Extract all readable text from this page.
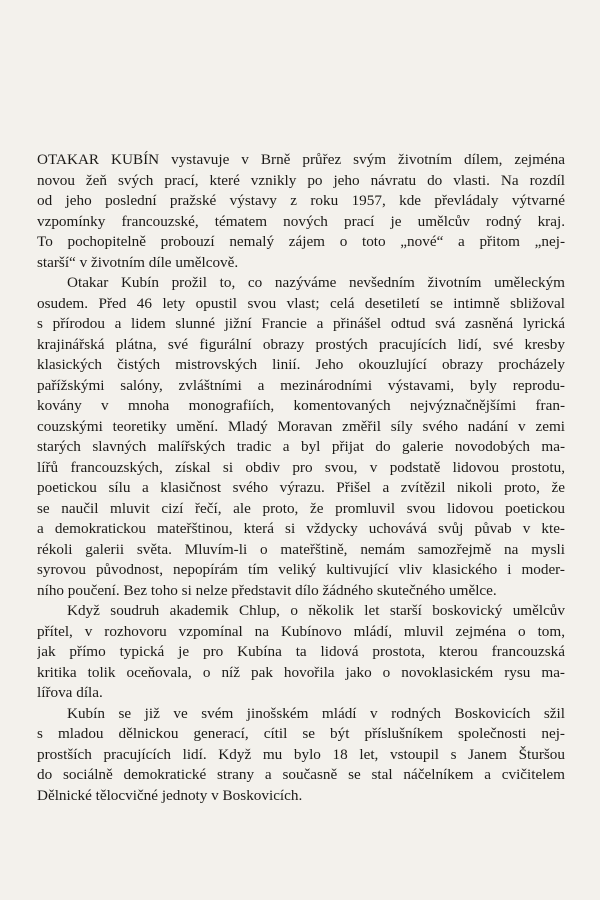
OTAKAR KUBÍN vystavuje v Brně průřez svým životním dílem, zejména
novou žeň svých prací, které vznikly po jeho návratu do vlasti. Na rozdíl
od jeho poslední pražské výstavy z roku 1957, kde převládaly výtvarné
vzpomínky francouzské, tématem nových prací je umělcův rodný kraj.
To pochopitelně probouzí nemalý zájem o toto „nové“ a přitom „nej-
starší“ v životním díle umělcově.
Otakar Kubín prožil to, co nazýváme nevšedním životním uměleckým
osudem. Před 46 lety opustil svou vlast; celá desetiletí se intimně sbližoval
s přírodou a lidem slunné jižní Francie a přinášel odtud svá zasněná lyrická
krajinářská plátna, své figurální obrazy prostých pracujících lidí, své kresby
klasických čistých mistrovských linií. Jeho okouzlující obrazy procházely
pařížskými salóny, zvláštními a mezinárodními výstavami, byly reprodu-
kovány v mnoha monografiích, komentovaných nejvýznačnějšími fran-
couzskými teoretiky umění. Mladý Moravan změřil síly svého nadání v zemi
starých slavných malířských tradic a byl přijat do galerie novodobých ma-
lířů francouzských, získal si obdiv pro svou, v podstatě lidovou prostotu,
poetickou sílu a klasičnost svého výrazu. Přišel a zvítězil nikoli proto, že
se naučil mluvit cizí řečí, ale proto, že promluvil svou lidovou poetickou
a demokratickou mateřštinou, která si vždycky uchovává svůj půvab v kte-
rékoli galerii světa. Mluvím-li o mateřštině, nemám samozřejmě na mysli
syrovou původnost, nepopírám tím veliký kultivující vliv klasického i moder-
ního poučení. Bez toho si nelze představit dílo žádného skutečného umělce.
Když soudruh akademik Chlup, o několik let starší boskovický umělcův
přítel, v rozhovoru vzpomínal na Kubínovo mládí, mluvil zejména o tom,
jak přímo typická je pro Kubína ta lidová prostota, kterou francouzská
kritika tolik oceňovala, o níž pak hovořila jako o novoklasickém rysu ma-
lířova díla.
Kubín se již ve svém jinošském mládí v rodných Boskovicích sžil
s mladou dělnickou generací, cítil se být příslušníkem společnosti nej-
prostších pracujících lidí. Když mu bylo 18 let, vstoupil s Janem Šturšou
do sociálně demokratické strany a současně se stal náčelníkem a cvičitelem
Dělnické tělocvičné jednoty v Boskovicích.
